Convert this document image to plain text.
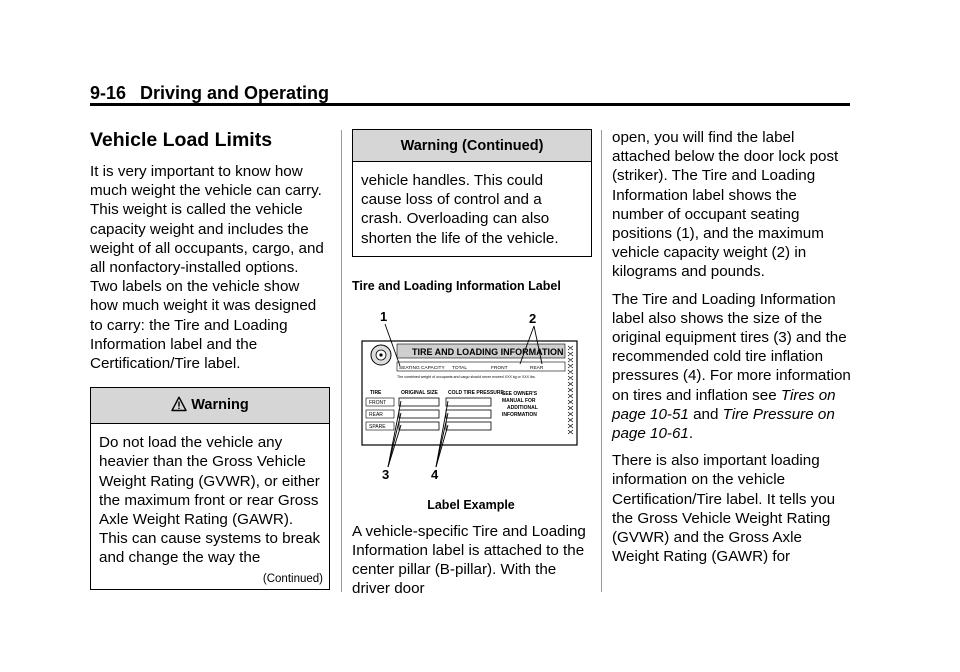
9-16 Driving and Operating
Vehicle Load Limits

It is very important to know how much weight the vehicle can carry. This weight is called the vehicle capacity weight and includes the weight of all occupants, cargo, and all nonfactory-installed options. Two labels on the vehicle show how much weight it was designed to carry: the Tire and Loading Information label and the Certification/Tire label.

Warning
Do not load the vehicle any heavier than the Gross Vehicle Weight Rating (GVWR), or either the maximum front or rear Gross Axle Weight Rating (GAWR). This can cause systems to break and change the way the
(Continued)
Warning (Continued)
vehicle handles. This could cause loss of control and a crash. Overloading can also shorten the life of the vehicle.
Tire and Loading Information Label
TIRE AND LOADING INFORMATION
SEATING CAPACITY TOTAL	FRONT	REAR
The combined weight of occupants and cargo should never exceed XXX kg or XXX lbs.
TIRE	ORIGINAL SIZE COLD TIRE PRESSURE
FRONT
REAR
SPARE
SEE OWNER'S
MANUAL FOR
ADDITIONAL
INFORMATION
1	2
3	4
Label Example

A vehicle-specific Tire and Loading Information label is attached to the center pillar (B-pillar). With the driver door

open, you will find the label attached below the door lock post (striker). The Tire and Loading Information label shows the number of occupant seating positions (1), and the maximum vehicle capacity weight (2) in kilograms and pounds.

The Tire and Loading Information label also shows the size of the original equipment tires (3) and the recommended cold tire inflation pressures (4). For more information on tires and inflation see Tires on page 10-51 and Tire Pressure on page 10-61.

There is also important loading information on the vehicle Certification/Tire label. It tells you the Gross Vehicle Weight Rating (GVWR) and the Gross Axle Weight Rating (GAWR) for
